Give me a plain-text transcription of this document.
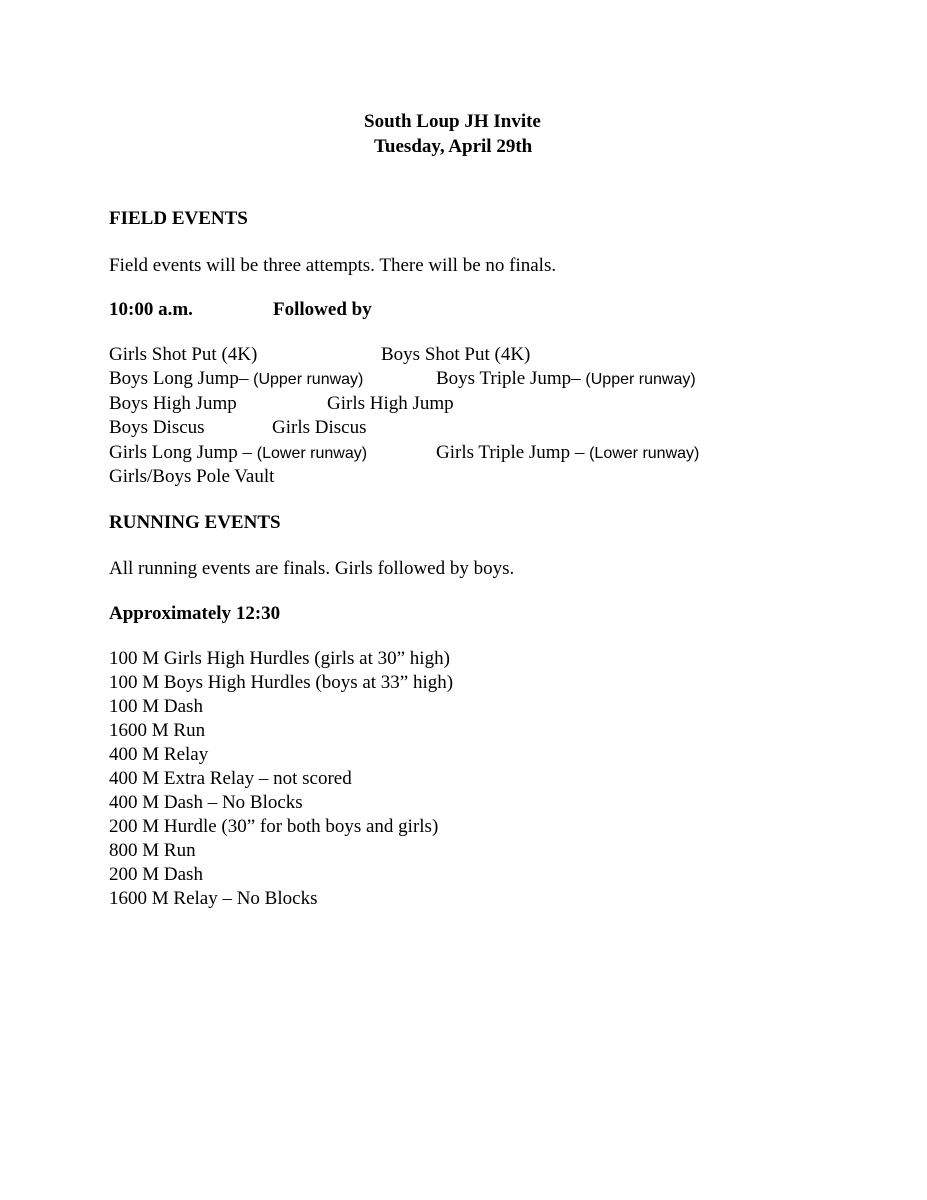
South Loup JH Invite
Tuesday, April 29th
FIELD EVENTS
Field events will be three attempts. There will be no finals.
10:00 a.m.	Followed by
Girls Shot Put (4K)	Boys Shot Put (4K)
Boys Long Jump– (Upper runway)	Boys Triple Jump– (Upper runway)
Boys High Jump	Girls High Jump
Boys Discus	Girls Discus
Girls Long Jump – (Lower runway)	Girls Triple Jump – (Lower runway)
Girls/Boys Pole Vault
RUNNING EVENTS
All running events are finals. Girls followed by boys.
Approximately 12:30
100 M Girls High Hurdles (girls at 30” high)
100 M Boys High Hurdles (boys at 33” high)
100 M Dash
1600 M Run
400 M Relay
400 M Extra Relay – not scored
400 M Dash – No Blocks
200 M Hurdle (30” for both boys and girls)
800 M Run
200 M Dash
1600 M Relay – No Blocks
